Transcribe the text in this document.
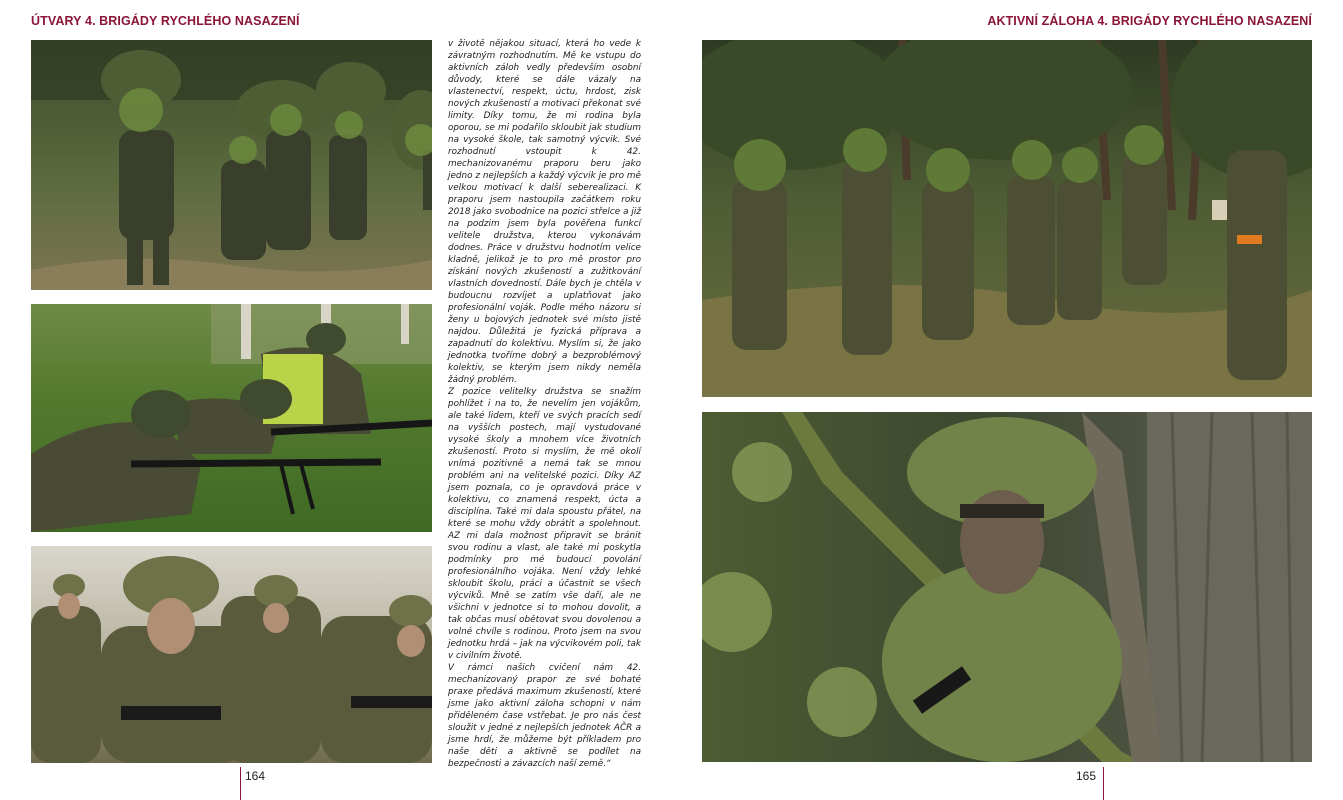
ÚTVARY 4. BRIGÁDY RYCHLÉHO NASAZENÍ	AKTIVNÍ ZÁLOHA 4. BRIGÁDY RYCHLÉHO NASAZENÍ

v životě nějakou situací, která ho vede k závratným rozhodnutím. Mě ke vstupu do aktivních záloh vedly především osobní důvody, které se dále vázaly na vlastenectví, respekt, úctu, hrdost, zisk nových zkušeností a motivaci překonat své limity. Díky tomu, že mi rodina byla oporou, se mi podařilo skloubit jak studium na vysoké škole, tak samotný výcvik. Své rozhodnutí vstoupit k 42. mechanizovanému praporu beru jako jedno z nejlepších a každý výcvik je pro mě velkou motivací k další seberealizaci. K praporu jsem nastoupila začátkem roku 2018 jako svobodnice na pozici střelce a již na podzim jsem byla pověřena funkcí velitele družstva, kterou vykonávám dodnes. Práce v družstvu hodnotím velice kladně, jelikož je to pro mě prostor pro získání nových zkušeností a zužitkování vlastních dovedností. Dále bych je chtěla v budoucnu rozvíjet a uplatňovat jako profesionální voják. Podle mého názoru si ženy u bojových jednotek své místo jistě najdou. Důležitá je fyzická příprava a zapadnutí do kolektivu. Myslím si, že jako jednotka tvoříme dobrý a bezproblémový kolektiv, se kterým jsem nikdy neměla žádný problém.

Z pozice velitelky družstva se snažím pohlížet i na to, že nevelím jen vojákům, ale také lidem, kteří ve svých pracích sedí na vyšších postech, mají vystudované vysoké školy a mnohem více životních zkušeností. Proto si myslím, že mě okolí vnímá pozitivně a nemá tak se mnou problém ani na velitelské pozici. Díky AZ jsem poznala, co je opravdová práce v kolektivu, co znamená respekt, úcta a disciplína. Také mi dala spoustu přátel, na které se mohu vždy obrátit a spolehnout. AZ mi dala možnost připravit se bránit svou rodinu a vlast, ale také mi poskytla podmínky pro mé budoucí povolání profesionálního vojáka. Není vždy lehké skloubit školu, práci a účastnit se všech výcviků. Mně se zatím vše daří, ale ne všichni v jednotce si to mohou dovolit, a tak občas musí obětovat svou dovolenou a volné chvíle s rodinou. Proto jsem na svou jednotku hrdá – jak na výcvikovém poli, tak v civilním životě.

V rámci našich cvičení nám 42. mechanizovaný prapor ze své bohaté praxe předává maximum zkušeností, které jsme jako aktivní záloha schopni v nám přiděleném čase vstřebat. Je pro nás čest sloužit v jedné z nejlepších jednotek AČR a jsme hrdí, že můžeme být příkladem pro naše děti a aktivně se podílet na bezpečnosti a závazcích naší země.“

164	165
